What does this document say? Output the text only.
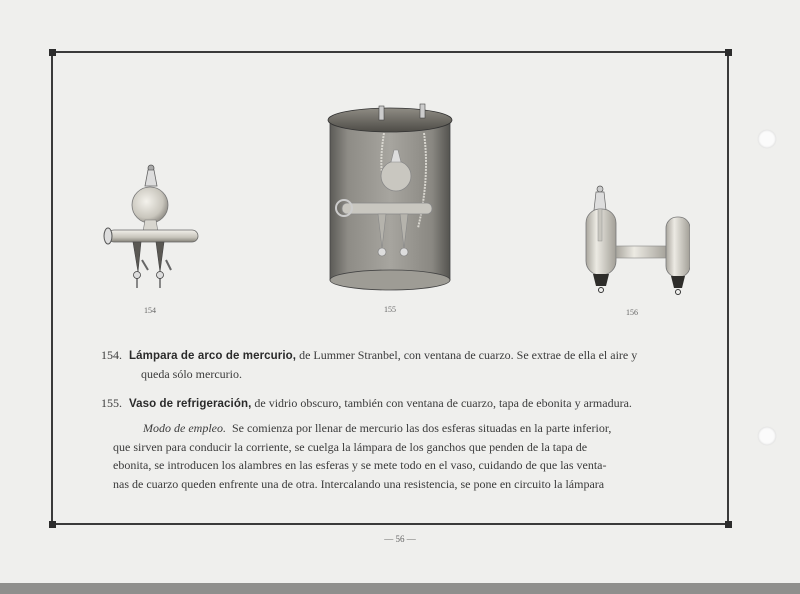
154	155	156
154. Lámpara de arco de mercurio, de Lummer Stranbel, con ventana de cuarzo. Se extrae de ella el aire y
queda sólo mercurio.
155. Vaso de refrigeración, de vidrio obscuro, también con ventana de cuarzo, tapa de ebonita y armadura.
Modo de empleo. Se comienza por llenar de mercurio las dos esferas situadas en la parte inferior,
que sirven para conducir la corriente, se cuelga la lámpara de los ganchos que penden de la tapa de
ebonita, se introducen los alambres en las esferas y se mete todo en el vaso, cuidando de que las venta-
nas de cuarzo queden enfrente una de otra. Intercalando una resistencia, se pone en circuito la lámpara
— 56 —
